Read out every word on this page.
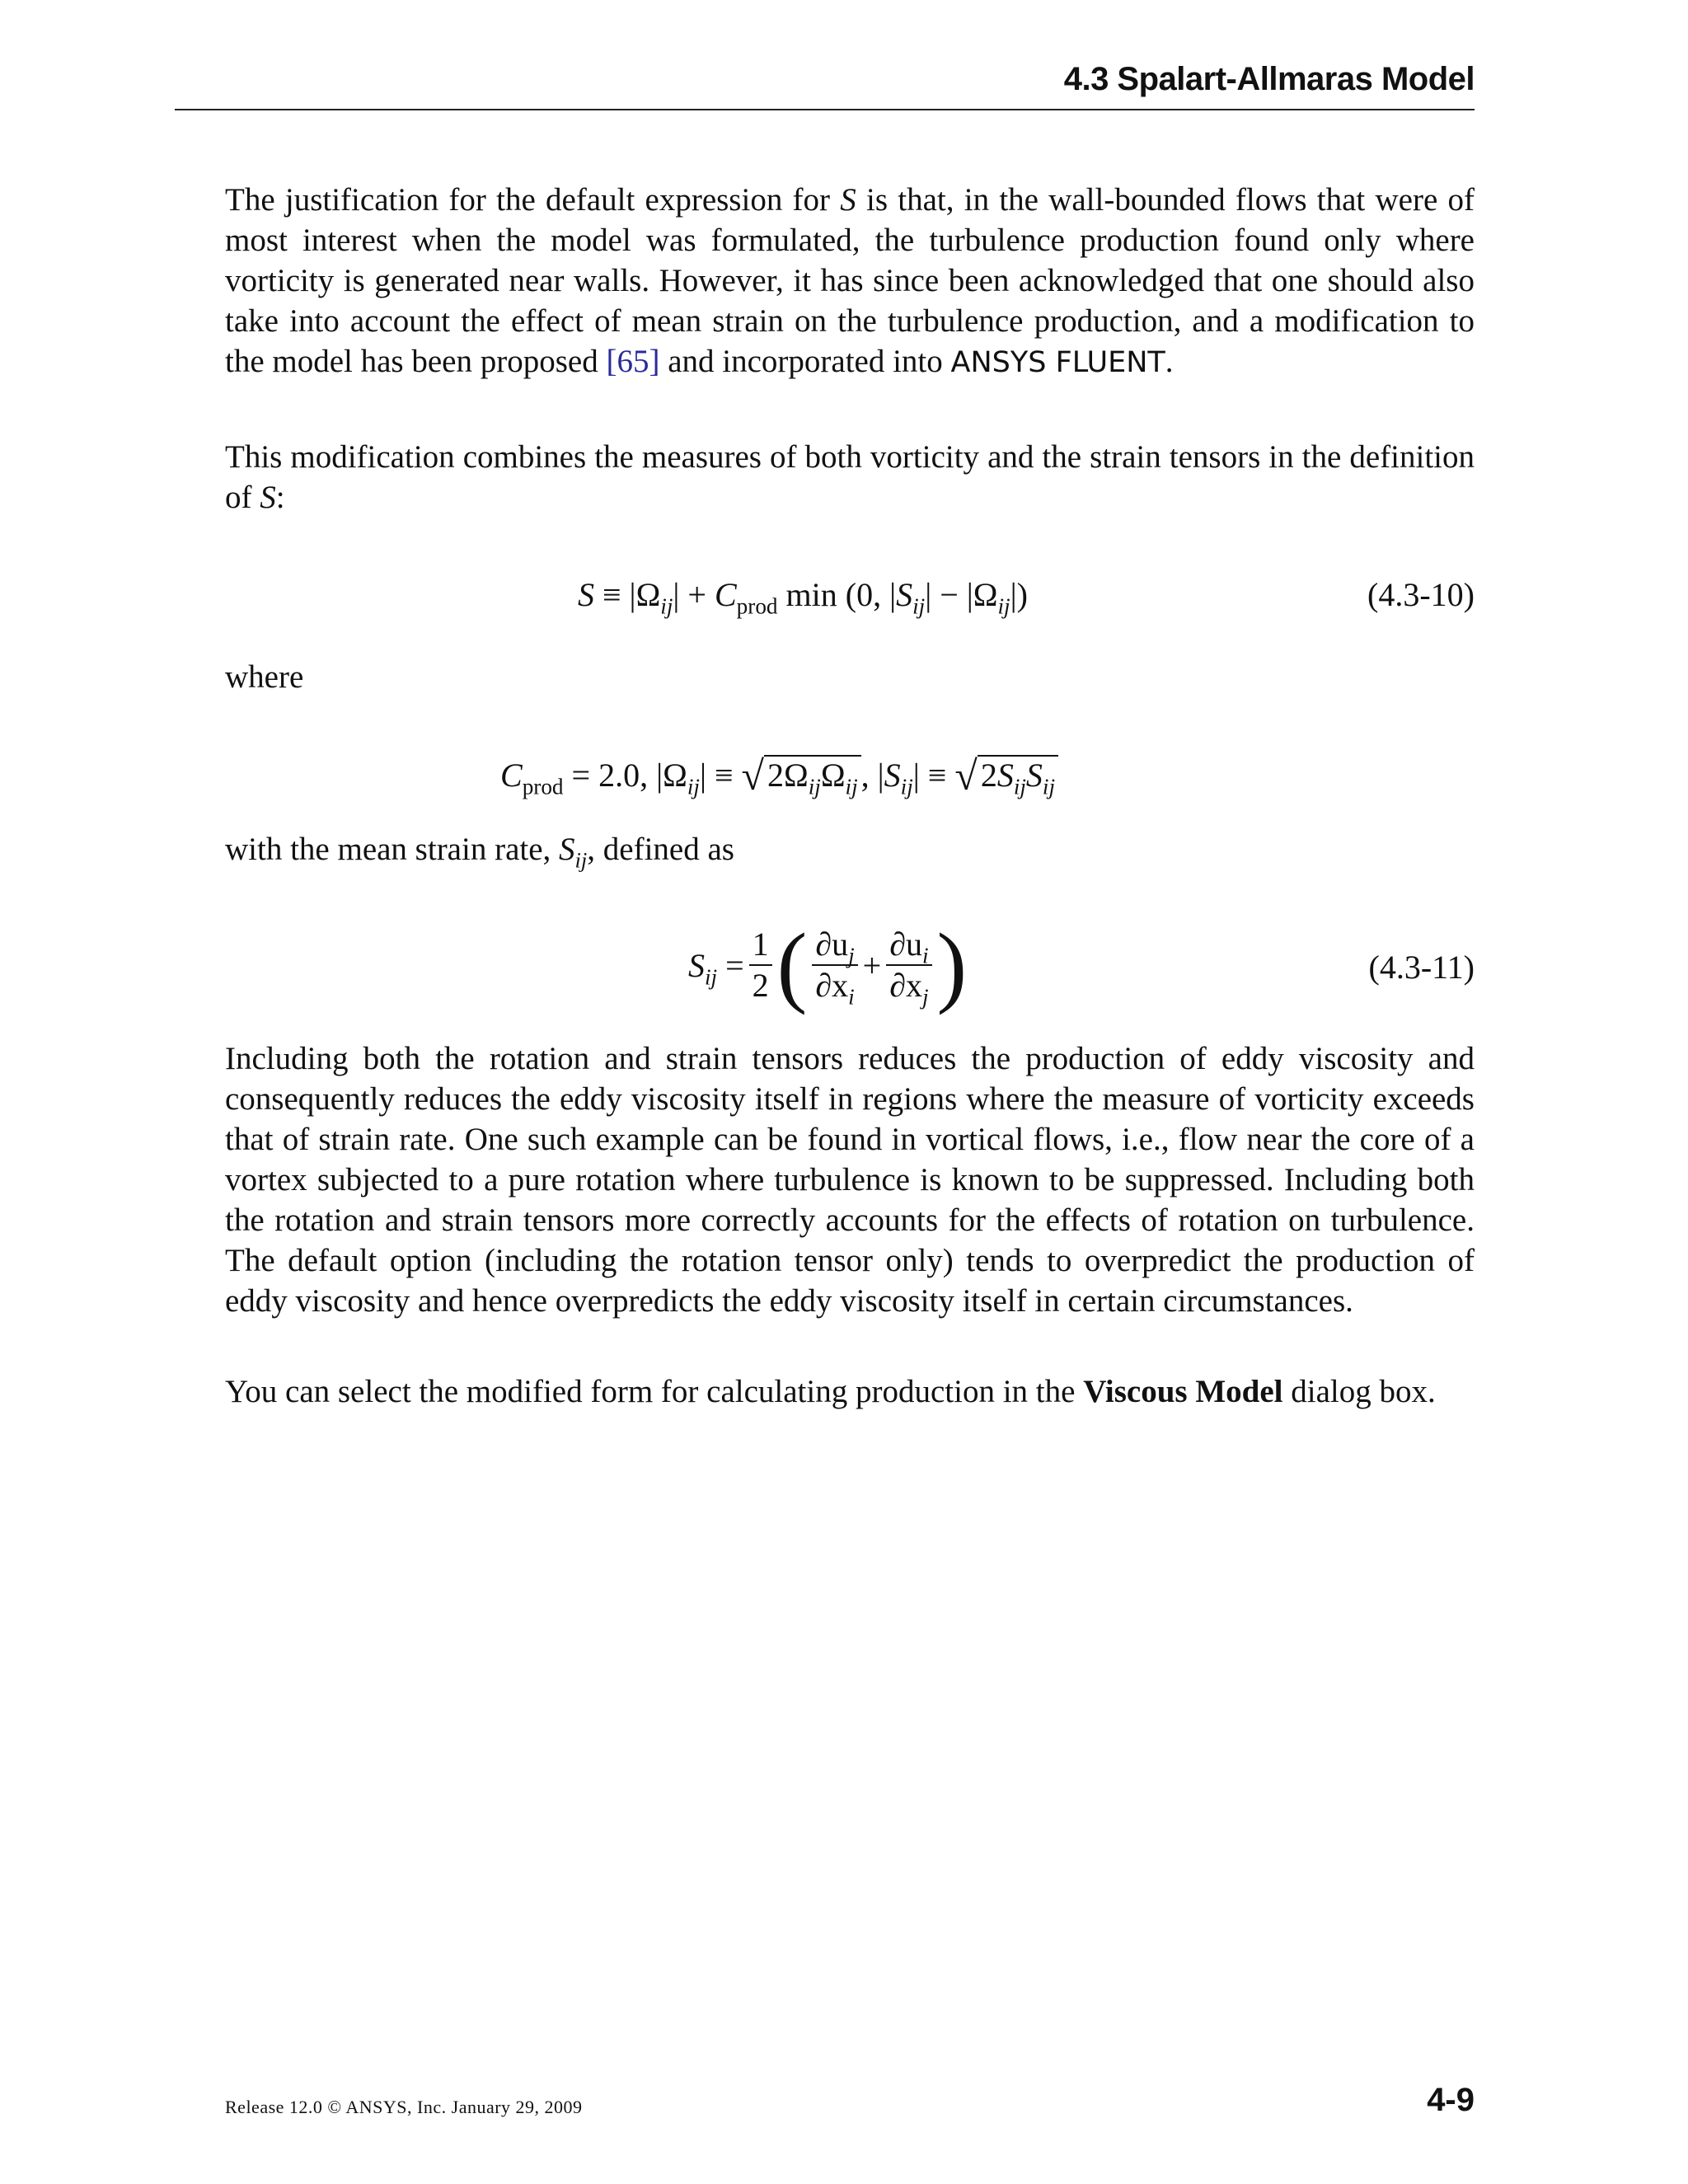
4.3 Spalart-Allmaras Model

The justification for the default expression for S is that, in the wall-bounded flows that were of most interest when the model was formulated, the turbulence production found only where vorticity is generated near walls. However, it has since been acknowledged that one should also take into account the effect of mean strain on the turbulence production, and a modification to the model has been proposed [65] and incorporated into ANSYS FLUENT.

This modification combines the measures of both vorticity and the strain tensors in the definition of S:

$S \equiv |\Omega_{ij}| + C_{prod}$ min (0, $|S_{ij}| - |\Omega_{ij}|$)	(4.3-10)

where

$C_{prod} = 2.0$, $|\Omega_{ij}|$ ≡ √ $2\Omega_{ij}\Omega_{ij}$ , $|S_{ij}|$ ≡ √ $2S_{ij}S_{ij}$

with the mean strain rate, $S_{ij}$, defined as

$S_{ij} = \frac{1}{2}$ ( $\frac{\partial u_j}{\partial x_i} + \frac{\partial u_i}{\partial x_j}$ )	(4.3-11)

Including both the rotation and strain tensors reduces the production of eddy viscosity and consequently reduces the eddy viscosity itself in regions where the measure of vorticity exceeds that of strain rate. One such example can be found in vortical flows, i.e., flow near the core of a vortex subjected to a pure rotation where turbulence is known to be suppressed. Including both the rotation and strain tensors more correctly accounts for the effects of rotation on turbulence. The default option (including the rotation tensor only) tends to overpredict the production of eddy viscosity and hence overpredicts the eddy viscosity itself in certain circumstances.

You can select the modified form for calculating production in the Viscous Model dialog box.

Release 12.0 © ANSYS, Inc. January 29, 2009	4-9
